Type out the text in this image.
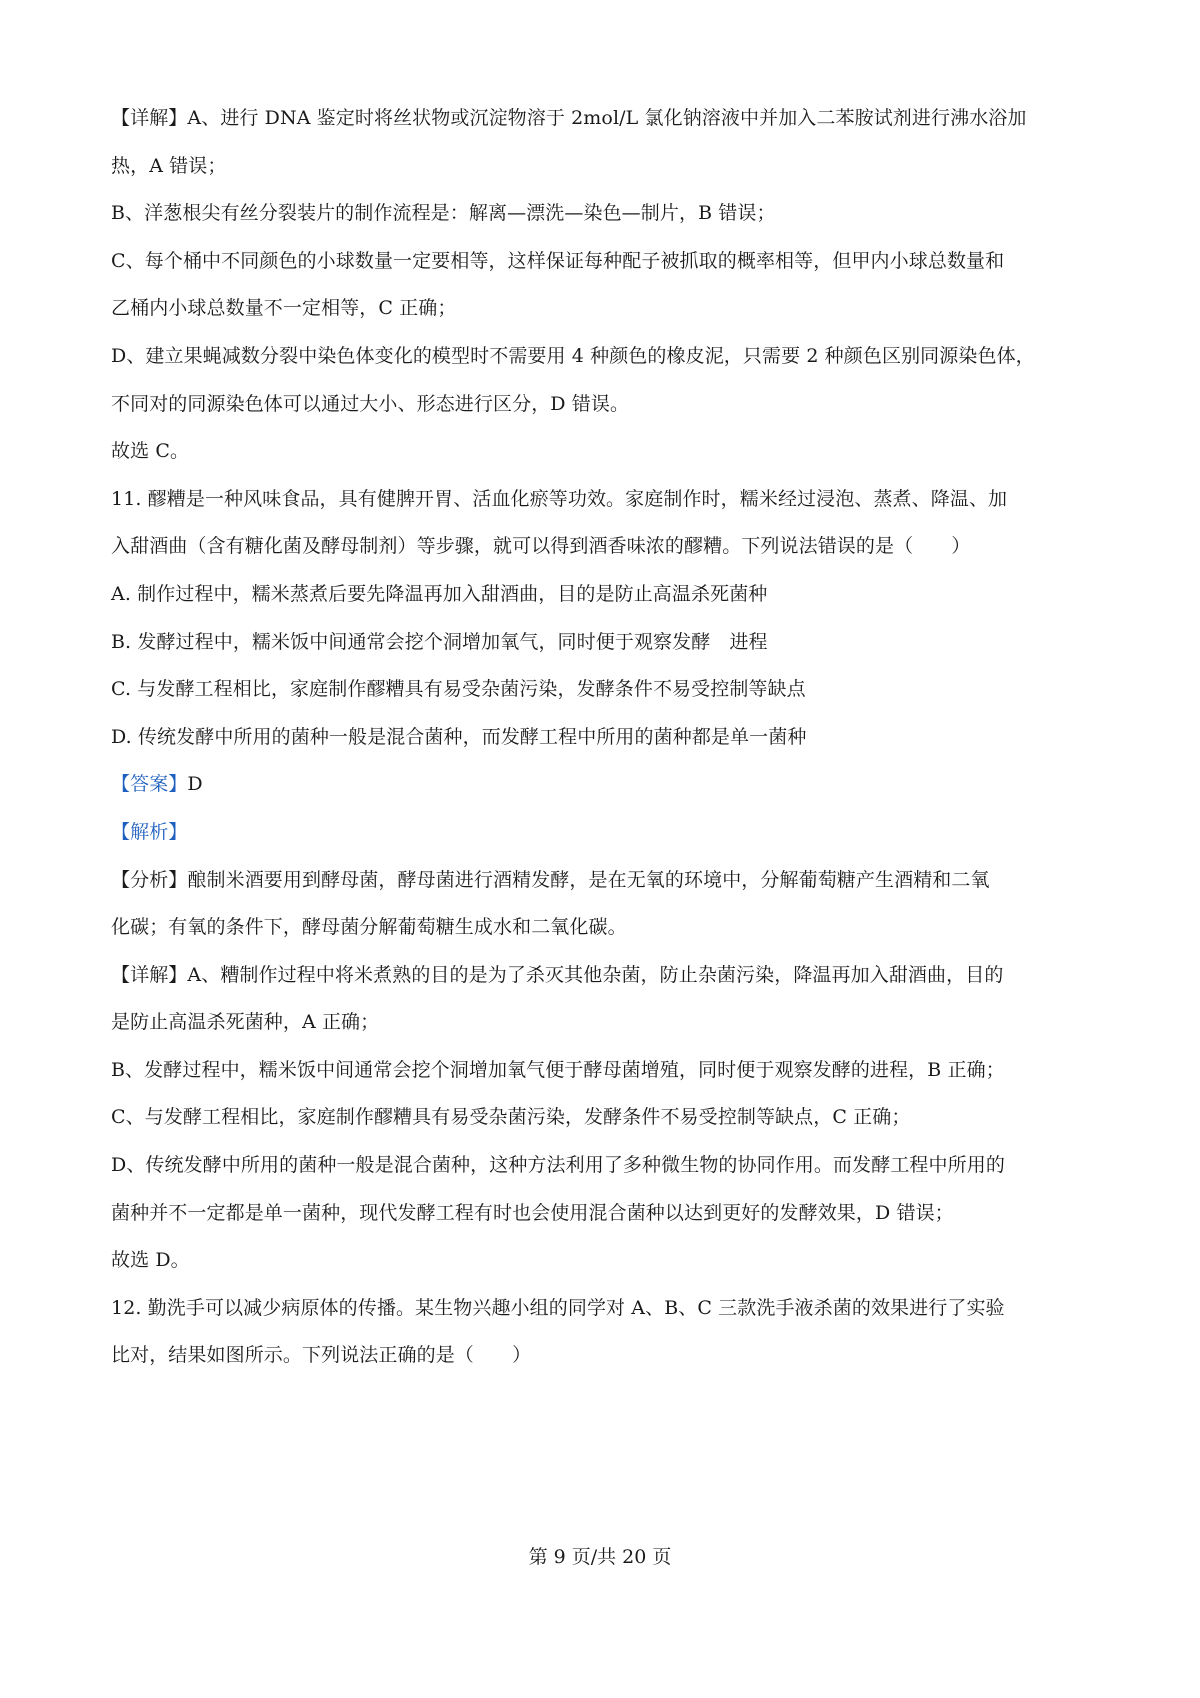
【详解】A、进行 DNA 鉴定时将丝状物或沉淀物溶于 2mol/L 氯化钠溶液中并加入二苯胺试剂进行沸水浴加
热，A 错误；
B、洋葱根尖有丝分裂装片的制作流程是：解离—漂洗—染色—制片，B 错误；
C、每个桶中不同颜色的小球数量一定要相等，这样保证每种配子被抓取的概率相等，但甲内小球总数量和
乙桶内小球总数量不一定相等，C 正确；
D、建立果蝇减数分裂中染色体变化的模型时不需要用 4 种颜色的橡皮泥，只需要 2 种颜色区别同源染色体，
不同对的同源染色体可以通过大小、形态进行区分，D 错误。
故选 C。
11. 醪糟是一种风味食品，具有健脾开胃、活血化瘀等功效。家庭制作时，糯米经过浸泡、蒸煮、降温、加
入甜酒曲（含有糖化菌及酵母制剂）等步骤，就可以得到酒香味浓的醪糟。下列说法错误的是（　　）
A. 制作过程中，糯米蒸煮后要先降温再加入甜酒曲，目的是防止高温杀死菌种
B. 发酵过程中，糯米饭中间通常会挖个洞增加氧气，同时便于观察发酵　进程
C. 与发酵工程相比，家庭制作醪糟具有易受杂菌污染，发酵条件不易受控制等缺点
D. 传统发酵中所用的菌种一般是混合菌种，而发酵工程中所用的菌种都是单一菌种
【答案】D
【解析】
【分析】酿制米酒要用到酵母菌，酵母菌进行酒精发酵，是在无氧的环境中，分解葡萄糖产生酒精和二氧
化碳；有氧的条件下，酵母菌分解葡萄糖生成水和二氧化碳。
【详解】A、糟制作过程中将米煮熟的目的是为了杀灭其他杂菌，防止杂菌污染，降温再加入甜酒曲，目的
是防止高温杀死菌种，A 正确；
B、发酵过程中，糯米饭中间通常会挖个洞增加氧气便于酵母菌增殖，同时便于观察发酵的进程，B 正确；
C、与发酵工程相比，家庭制作醪糟具有易受杂菌污染，发酵条件不易受控制等缺点，C 正确；
D、传统发酵中所用的菌种一般是混合菌种，这种方法利用了多种微生物的协同作用。而发酵工程中所用的
菌种并不一定都是单一菌种，现代发酵工程有时也会使用混合菌种以达到更好的发酵效果，D 错误；
故选 D。
12. 勤洗手可以减少病原体的传播。某生物兴趣小组的同学对 A、B、C 三款洗手液杀菌的效果进行了实验
比对，结果如图所示。下列说法正确的是（　　）
第 9 页/共 20 页
